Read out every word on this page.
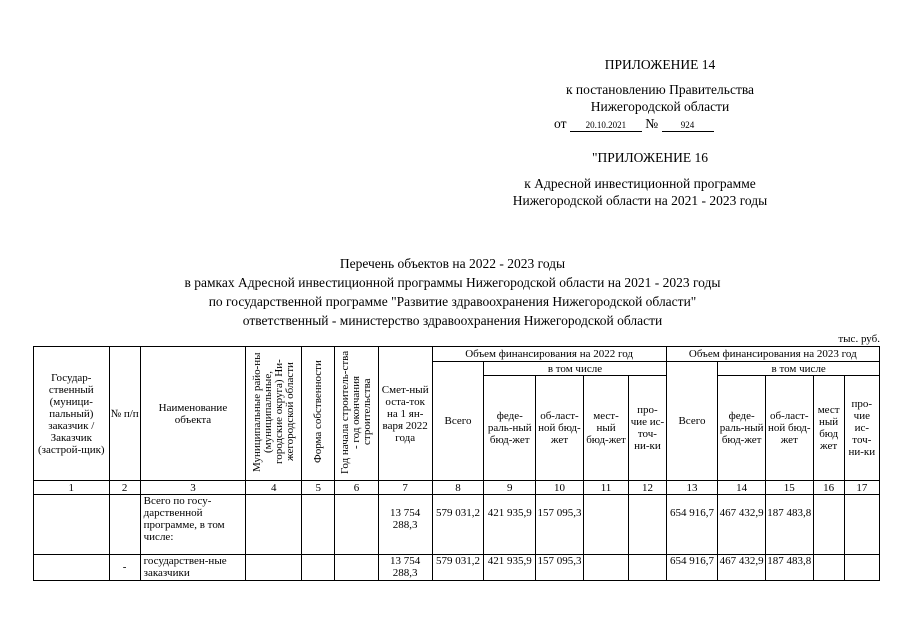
ПРИЛОЖЕНИЕ 14
к постановлению Правительства
Нижегородской области
от 20.10.2021 №	924
"ПРИЛОЖЕНИЕ 16
к Адресной инвестиционной программе
Нижегородской области на 2021 - 2023 годы
Перечень объектов на 2022 - 2023 годы
в рамках Адресной инвестиционной программы Нижегородской области на 2021 - 2023 годы
по государственной программе "Развитие здравоохранения Нижегородской области"
ответственный - министерство здравоохранения Нижегородской области
тыс. руб.
Государ-ственный (муници-пальный) заказчик / Заказчик (застрой-щик)	№ п/п	Наименование объекта	Муниципальные райо-ны (муниципальные, городские округа) Ни-жегородской области	Форма собственности	Год начала строитель-ства - год окончания строительства	Смет-ный остa-ток на 1 ян-варя 2022 года	Объем финансирования на 2022 год					Объем финансирования на 2023 год				
							Всего	в том числе				Всего	в том числе			
								феде-раль-ный бюд-жет	об-ласт-ной бюд-жет	мест-ный бюд-жет	про-чие ис-точ-ни-ки		феде-раль-ный бюд-жет	об-ласт-ной бюд-жет	мест ный бюд жет	про-чие ис-точ-ни-ки
1	2	3	4	5	6	7	8	9	10	11	12	13	14	15	16	17
		Всего по госу-дарственной программе, в том числе:				13 754 288,3	579 031,2	421 935,9	157 095,3			654 916,7	467 432,9	187 483,8		
	-	государствен-ные заказчики				13 754 288,3	579 031,2	421 935,9	157 095,3			654 916,7	467 432,9	187 483,8		
